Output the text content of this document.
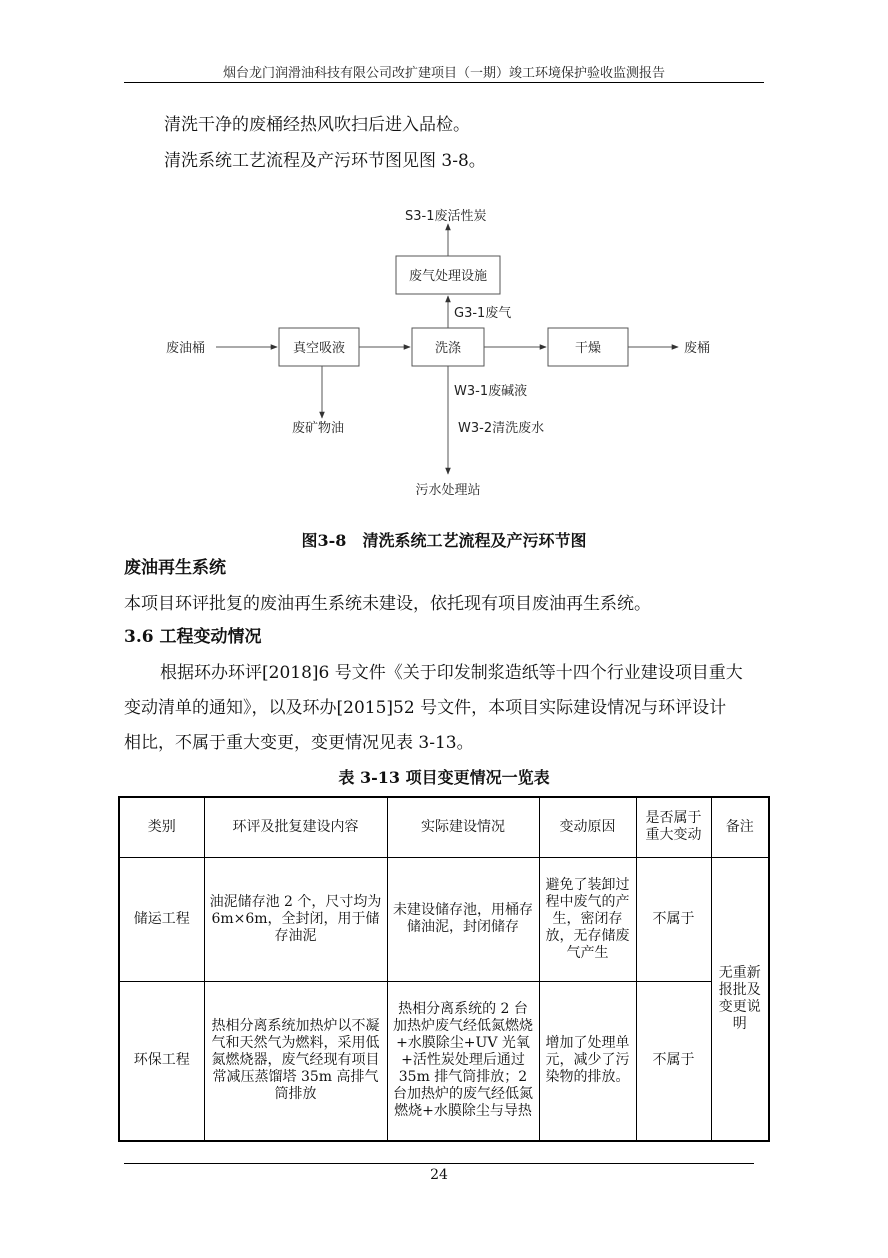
烟台龙门润滑油科技有限公司改扩建项目（一期）竣工环境保护验收监测报告
清洗干净的废桶经热风吹扫后进入品检。
清洗系统工艺流程及产污环节图见图 3-8。
S3-1废活性炭
废气处理设施
G3-1废气
废油桶	真空吸液	洗涤	干燥	废桶
W3-1废碱液
废矿物油	W3-2清洗废水
污水处理站
图3-8　清洗系统工艺流程及产污环节图
废油再生系统
本项目环评批复的废油再生系统未建设，依托现有项目废油再生系统。
3.6 工程变动情况
根据环办环评[2018]6 号文件《关于印发制浆造纸等十四个行业建设项目重大
变动清单的通知》，以及环办[2015]52 号文件，本项目实际建设情况与环评设计
相比，不属于重大变更，变更情况见表 3-13。
表 3-13 项目变更情况一览表
类别	环评及批复建设内容	实际建设情况	变动原因	是否属于重大变动	备注
储运工程	油泥储存池 2 个，尺寸均为 6m×6m，全封闭，用于储存油泥	未建设储存池，用桶存储油泥，封闭储存	避免了装卸过程中废气的产生，密闭存放，无存储废气产生	不属于	无重新报批及变更说明
环保工程	热相分离系统加热炉以不凝气和天然气为燃料，采用低氮燃烧器，废气经现有项目常减压蒸馏塔 35m 高排气筒排放	热相分离系统的 2 台加热炉废气经低氮燃烧+水膜除尘+UV 光氧+活性炭处理后通过 35m 排气筒排放；2 台加热炉的废气经低氮燃烧+水膜除尘与导热	增加了处理单元，减少了污染物的排放。	不属于	
24
